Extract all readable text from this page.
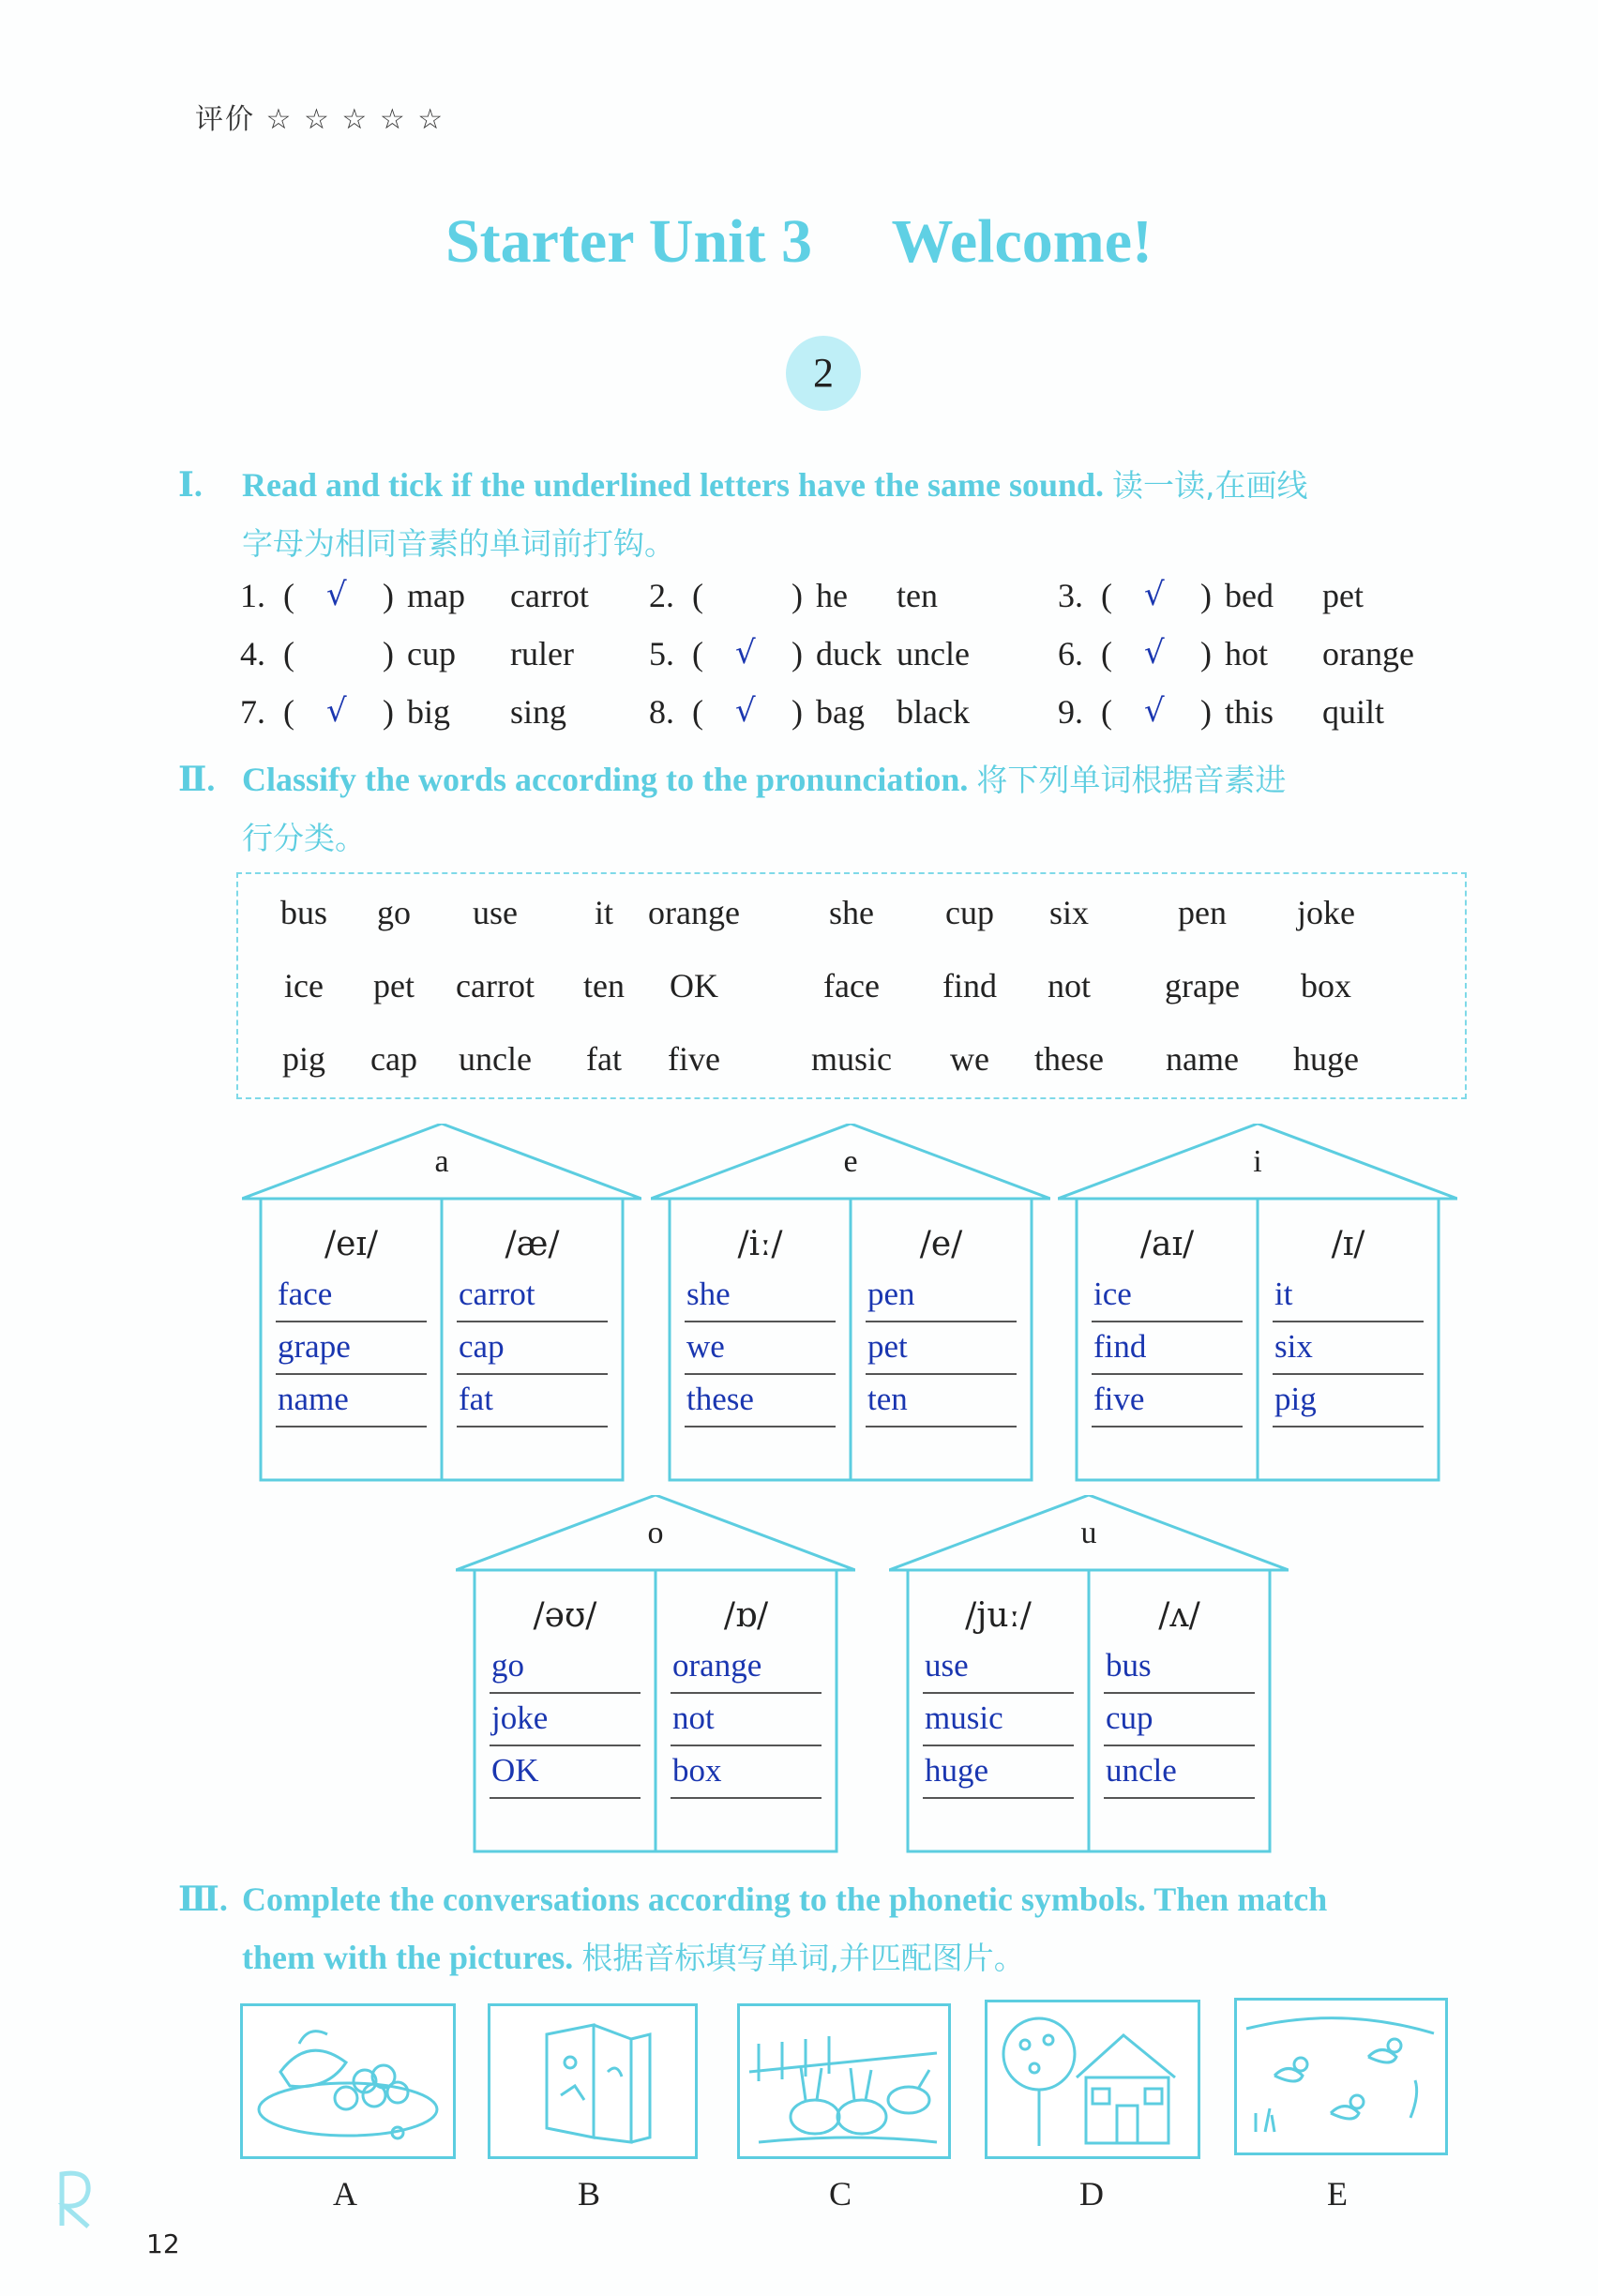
评价 ☆ ☆ ☆ ☆ ☆
Starter Unit 3 Welcome!
2
Ⅰ. Read and tick if the underlined letters have the same sound. 读一读,在画线
字母为相同音素的单词前打钩。
1. ( √ ) map carrot 2. (	) he ten	3. ( √ ) bed pet
4. (	) cup ruler 5. ( √ ) duck uncle	6. ( √ ) hot orange
7. ( √ ) big sing 8. ( √ ) bag black	9. ( √ ) this quilt
Ⅱ. Classify the words according to the pronunciation. 将下列单词根据音素进
行分类。
bus	go	use	it	orange	she	cup	six	pen	joke
ice	pet	carrot	ten	OK	face	find	not	grape	box
pig	cap	uncle	fat	five	music	we	these	name	huge
a
/eɪ/
face
grape
name
/æ/
carrot
cap
fat
e
/iː/
she
we
these
/e/
pen
pet
ten
i
/aɪ/
ice
find
five
/ɪ/
it
six
pig
o
/əʊ/
go
joke
OK
/ɒ/
orange
not
box
u
/juː/
use
music
huge
/ʌ/
bus
cup
uncle
Ⅲ. Complete the conversations according to the phonetic symbols. Then match
them with the pictures. 根据音标填写单词,并匹配图片。
A	B	C	D	E
12
